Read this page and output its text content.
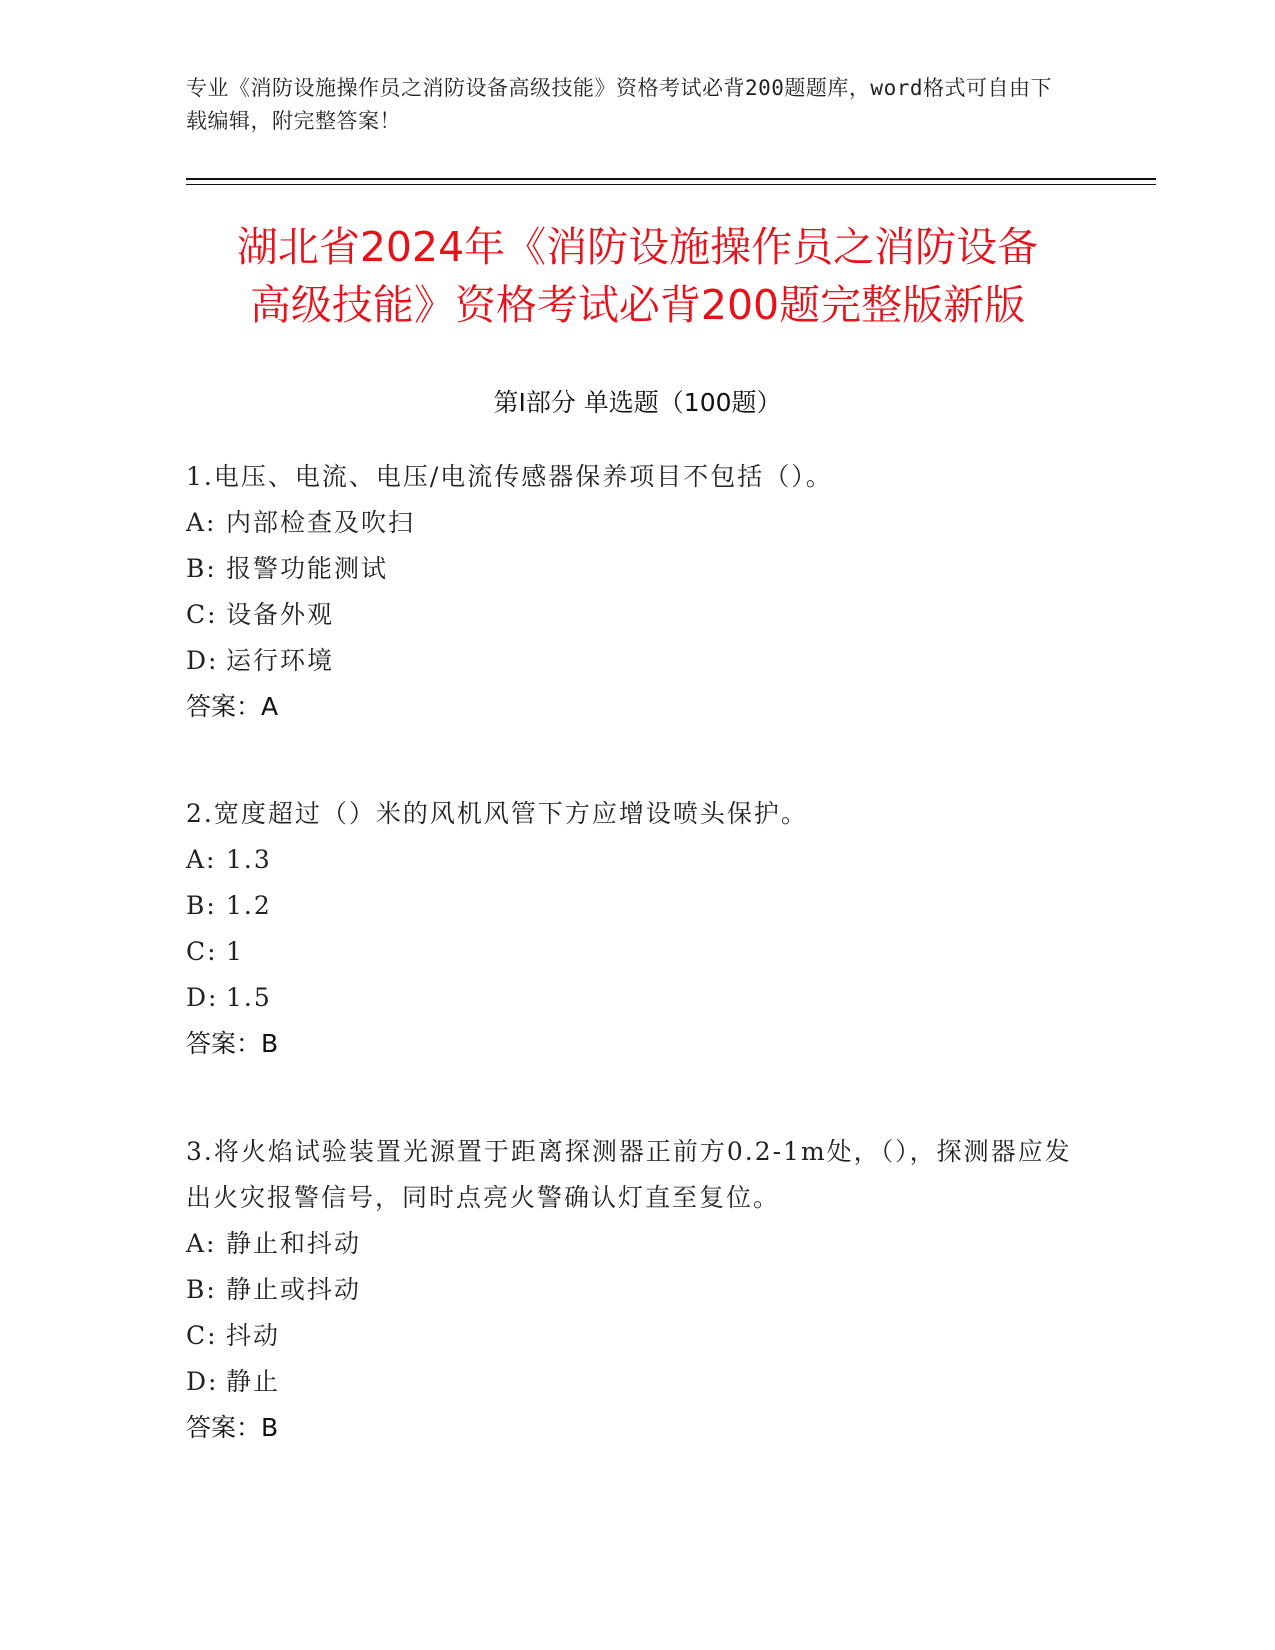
专业《消防设施操作员之消防设备高级技能》资格考试必背200题题库，word格式可自由下载编辑，附完整答案！
湖北省2024年《消防设施操作员之消防设备
高级技能》资格考试必背200题完整版新版
第Ⅰ部分 单选题（100题）
1.电压、电流、电压/电流传感器保养项目不包括（）。
A: 内部检查及吹扫
B: 报警功能测试
C: 设备外观
D: 运行环境
答案：A
2.宽度超过（）米的风机风管下方应增设喷头保护。
A: 1.3
B: 1.2
C: 1
D: 1.5
答案：B
3.将火焰试验装置光源置于距离探测器正前方0.2-1m处，（），探测器应发出火灾报警信号，同时点亮火警确认灯直至复位。
A: 静止和抖动
B: 静止或抖动
C: 抖动
D: 静止
答案：B
